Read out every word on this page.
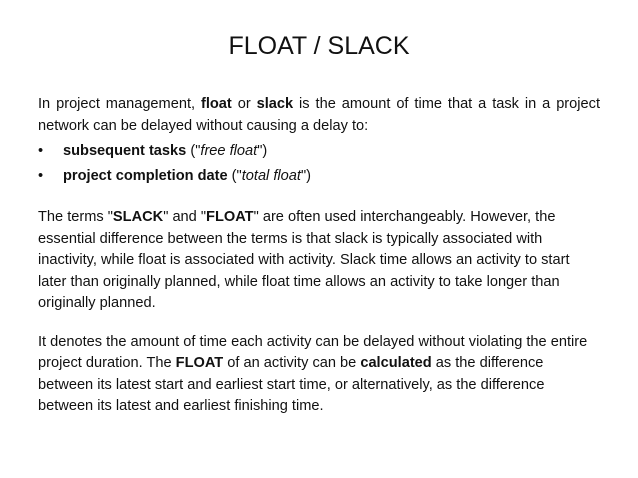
FLOAT / SLACK

In project management, float or slack is the amount of time that a task in a project network can be delayed without causing a delay to:

• subsequent tasks ("free float")
• project completion date ("total float")

The terms "SLACK" and "FLOAT" are often used interchangeably. However, the essential difference between the terms is that slack is typically associated with inactivity, while float is associated with activity. Slack time allows an activity to start later than originally planned, while float time allows an activity to take longer than originally planned.

It denotes the amount of time each activity can be delayed without violating the entire project duration. The FLOAT of an activity can be calculated as the difference between its latest start and earliest start time, or alternatively, as the difference between its latest and earliest finishing time.
